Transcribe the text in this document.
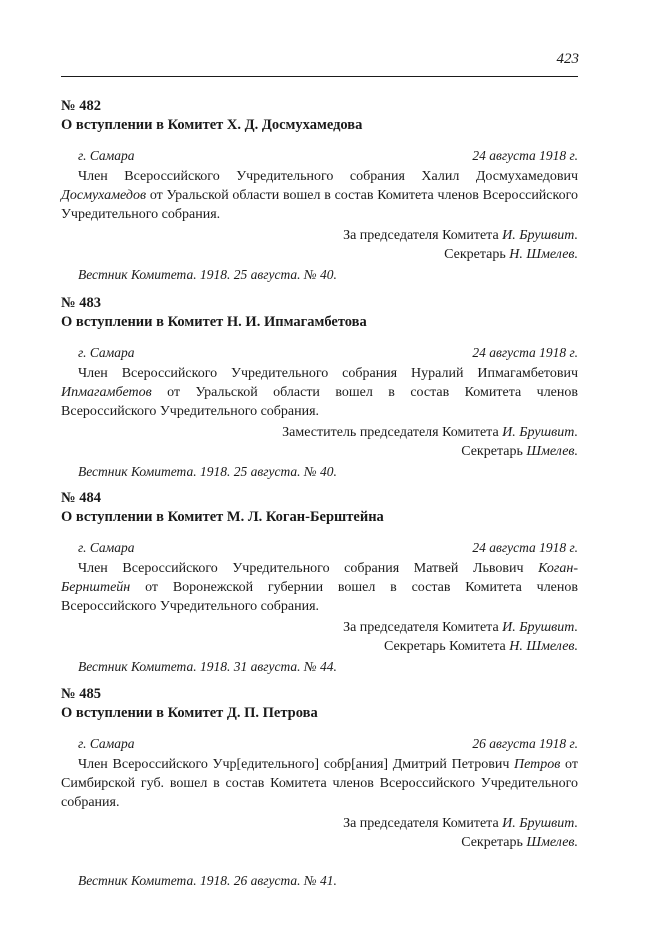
423
№ 482
О вступлении в Комитет Х. Д. Досмухамедова
г. Самара	24 августа 1918 г.
Член Всероссийского Учредительного собрания Халил Досмухамедович Досмухамедов от Уральской области вошел в состав Комитета членов Всероссийского Учредительного собрания.
За председателя Комитета И. Брушвит.
Секретарь Н. Шмелев.
Вестник Комитета. 1918. 25 августа. № 40.
№ 483
О вступлении в Комитет Н. И. Ипмагамбетова
г. Самара	24 августа 1918 г.
Член Всероссийского Учредительного собрания Нуралий Ипмагамбетович Ипмагамбетов от Уральской области вошел в состав Комитета членов Всероссийского Учредительного собрания.
Заместитель председателя Комитета И. Брушвит.
Секретарь Шмелев.
Вестник Комитета. 1918. 25 августа. № 40.
№ 484
О вступлении в Комитет М. Л. Коган-Берштейна
г. Самара	24 августа 1918 г.
Член Всероссийского Учредительного собрания Матвей Львович Коган-Бернштейн от Воронежской губернии вошел в состав Комитета членов Всероссийского Учредительного собрания.
За председателя Комитета И. Брушвит.
Секретарь Комитета Н. Шмелев.
Вестник Комитета. 1918. 31 августа. № 44.
№ 485
О вступлении в Комитет Д. П. Петрова
г. Самара	26 августа 1918 г.
Член Всероссийского Учр[едительного] собр[ания] Дмитрий Петрович Петров от Симбирской губ. вошел в состав Комитета членов Всероссийского Учредительного собрания.
За председателя Комитета И. Брушвит.
Секретарь Шмелев.
Вестник Комитета. 1918. 26 августа. № 41.
